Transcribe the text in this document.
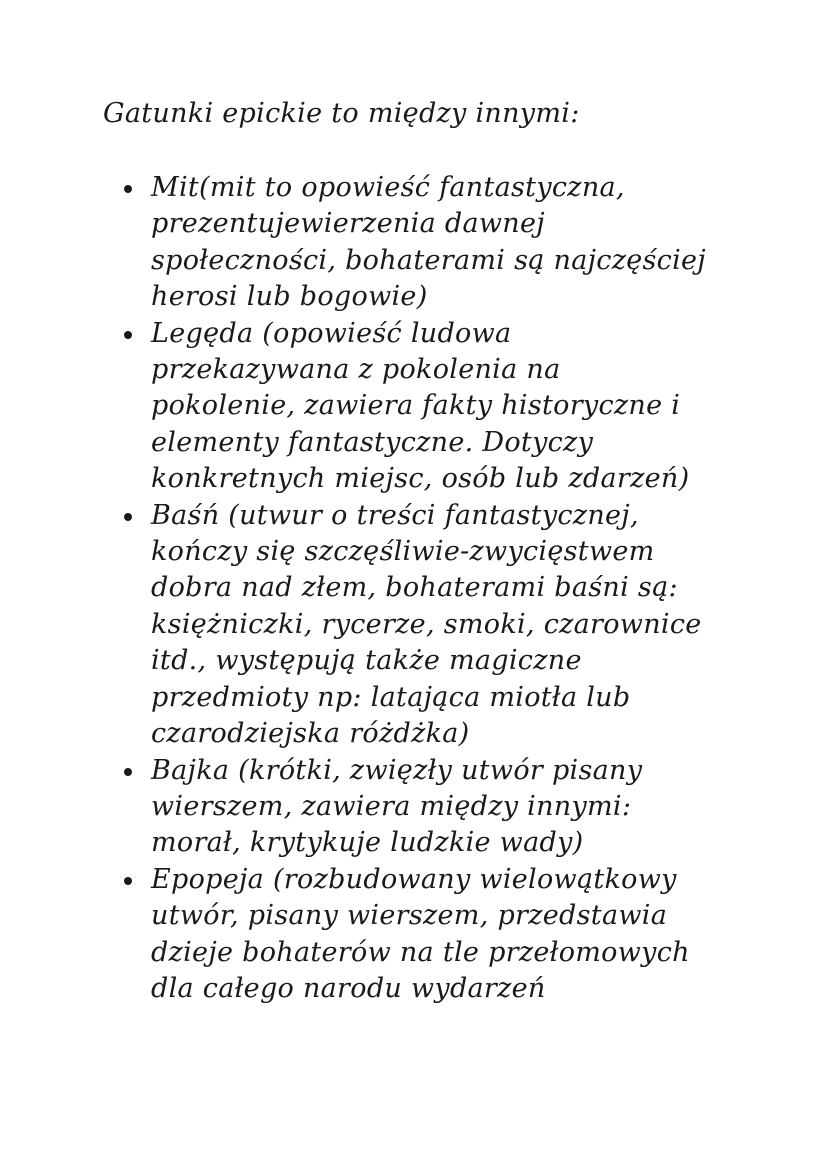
Gatunki epickie to między innymi:
Mit(mit to opowieść fantastyczna,
prezentujewierzenia dawnej
społeczności, bohaterami są najczęściej
herosi lub bogowie)
Legęda (opowieść ludowa
przekazywana z pokolenia na
pokolenie, zawiera fakty historyczne i
elementy fantastyczne. Dotyczy
konkretnych miejsc, osób lub zdarzeń)
Baśń (utwur o treści fantastycznej,
kończy się szczęśliwie-zwycięstwem
dobra nad złem, bohaterami baśni są:
księżniczki, rycerze, smoki, czarownice
itd., występują także magiczne
przedmioty np: latająca miotła lub
czarodziejska różdżka)
Bajka (krótki, zwięzły utwór pisany
wierszem, zawiera między innymi:
morał, krytykuje ludzkie wady)
Epopeja (rozbudowany wielowątkowy
utwór, pisany wierszem, przedstawia
dzieje bohaterów na tle przełomowych
dla całego narodu wydarzeń
